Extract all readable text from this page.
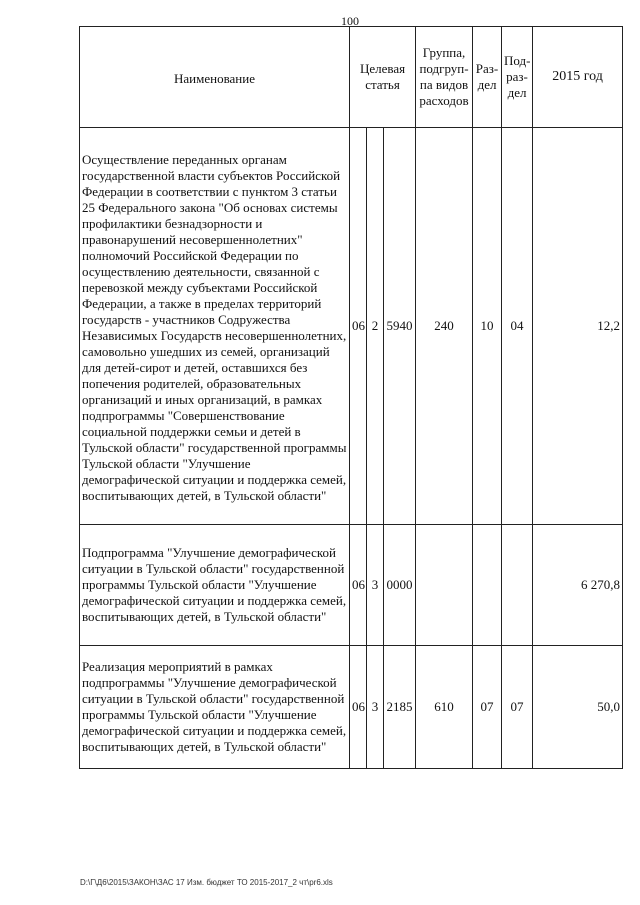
100
Наименование	Целевая статья			Группа, подгруп-па видов расходов	Раз-дел	Под-раз-дел	2015 год
Осуществление переданных органам государственной власти субъектов Российской Федерации в соответствии с пунктом 3 статьи 25 Федерального закона "Об основах системы профилактики безнадзорности и правонарушений несовершеннолетних" полномочий Российской Федерации по осуществлению деятельности, связанной с перевозкой между субъектами Российской Федерации, а также в пределах территорий государств - участников Содружества Независимых Государств несовершеннолетних, самовольно ушедших из семей, организаций для детей-сирот и детей, оставшихся без попечения родителей, образовательных организаций и иных организаций, в рамках подпрограммы "Совершенствование социальной поддержки семьи и детей в Тульской области" государственной программы Тульской области "Улучшение демографической ситуации и поддержка семей, воспитывающих детей, в Тульской области"	06	2	5940	240	10	04	12,2
Подпрограмма "Улучшение демографической ситуации в Тульской области" государственной программы Тульской области "Улучшение демографической ситуации и поддержка семей, воспитывающих детей, в Тульской области"	06	3	0000				6 270,8
Реализация мероприятий в рамках подпрограммы "Улучшение демографической ситуации в Тульской области" государственной программы Тульской области "Улучшение демографической ситуации и поддержка семей, воспитывающих детей, в Тульской области"	06	3	2185	610	07	07	50,0
D:\Г\Д6\2015\ЗАКОН\ЗАС 17 Изм. бюджет ТО 2015-2017_2 чт\pr6.xls
